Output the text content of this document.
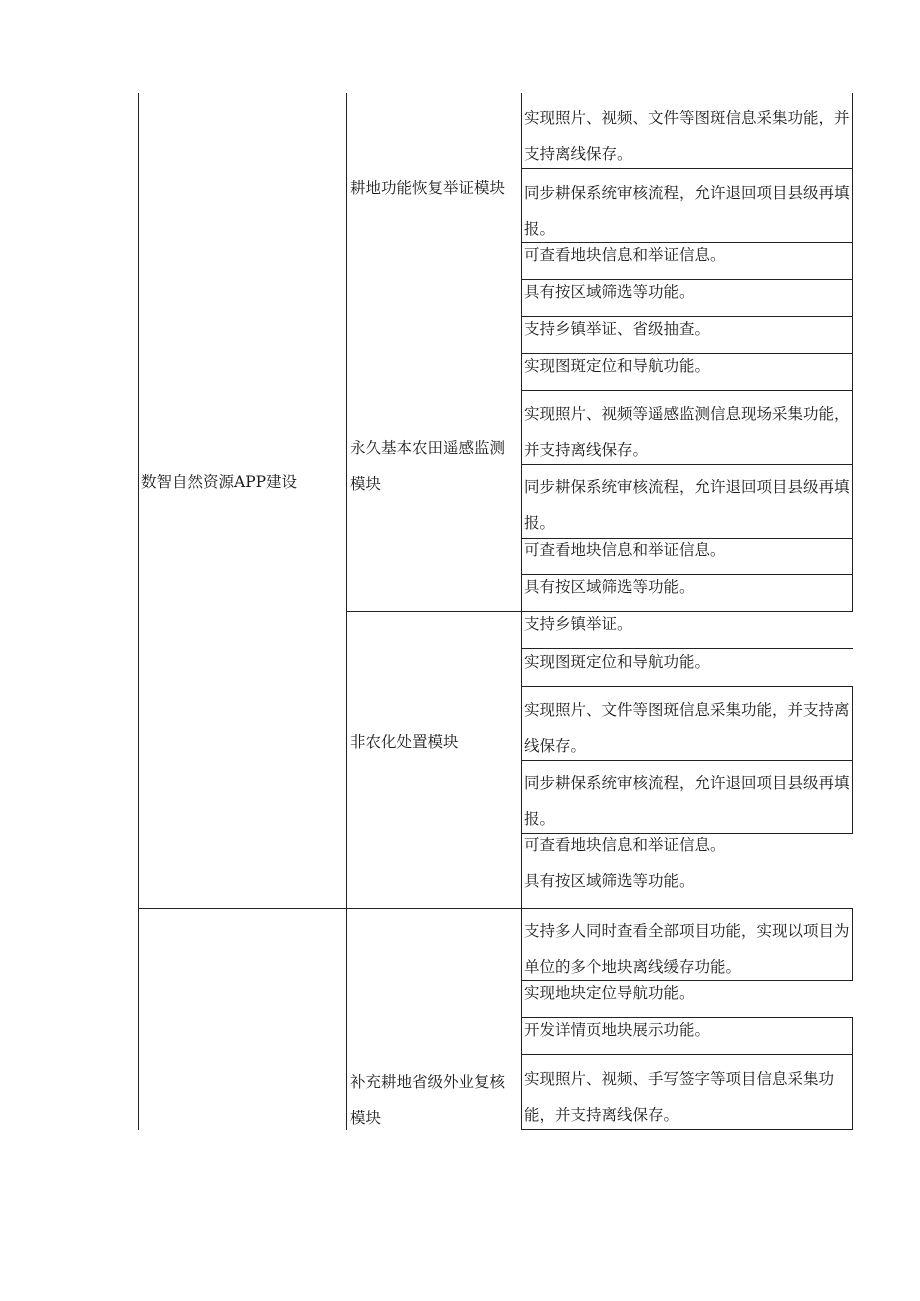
数智自然资源APP建设
耕地功能恢复举证模块
永久基本农田遥感监测模块
非农化处置模块
补充耕地省级外业复核模块
实现照片、视频、文件等图斑信息采集功能，并支持离线保存。
同步耕保系统审核流程，允许退回项目县级再填报。
可查看地块信息和举证信息。
具有按区域筛选等功能。
支持乡镇举证、省级抽查。
实现图斑定位和导航功能。
实现照片、视频等遥感监测信息现场采集功能，并支持离线保存。
同步耕保系统审核流程，允许退回项目县级再填报。
可查看地块信息和举证信息。
具有按区域筛选等功能。
支持乡镇举证。
实现图斑定位和导航功能。
实现照片、文件等图斑信息采集功能，并支持离线保存。
同步耕保系统审核流程，允许退回项目县级再填报。
可查看地块信息和举证信息。
具有按区域筛选等功能。
支持多人同时查看全部项目功能，实现以项目为单位的多个地块离线缓存功能。
实现地块定位导航功能。
开发详情页地块展示功能。
实现照片、视频、手写签字等项目信息采集功能，并支持离线保存。
